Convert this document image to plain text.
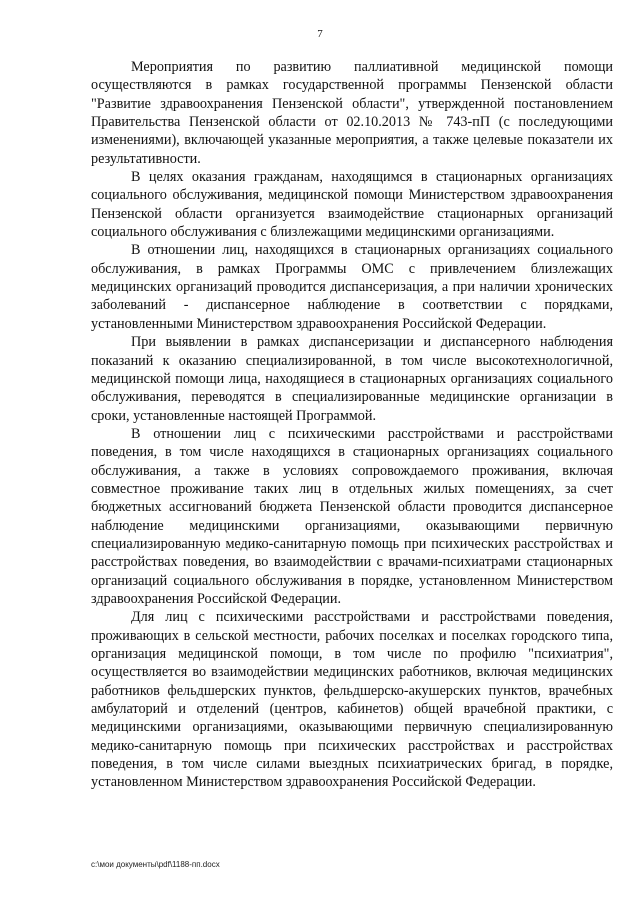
7

Мероприятия по развитию паллиативной медицинской помощи осуществляются в рамках государственной программы Пензенской области "Развитие здравоохранения Пензенской области", утвержденной постановлением Правительства Пензенской области от 02.10.2013 № 743-пП (с последующими изменениями), включающей указанные мероприятия, а также целевые показатели их результативности.

В целях оказания гражданам, находящимся в стационарных организациях социального обслуживания, медицинской помощи Министерством здравоохранения Пензенской области организуется взаимодействие стационарных организаций социального обслуживания с близлежащими медицинскими организациями.

В отношении лиц, находящихся в стационарных организациях социального обслуживания, в рамках Программы ОМС с привлечением близлежащих медицинских организаций проводится диспансеризация, а при наличии хронических заболеваний - диспансерное наблюдение в соответствии с порядками, установленными Министерством здравоохранения Российской Федерации.

При выявлении в рамках диспансеризации и диспансерного наблюдения показаний к оказанию специализированной, в том числе высокотехнологичной, медицинской помощи лица, находящиеся в стационарных организациях социального обслуживания, переводятся в специализированные медицинские организации в сроки, установленные настоящей Программой.

В отношении лиц с психическими расстройствами и расстройствами поведения, в том числе находящихся в стационарных организациях социального обслуживания, а также в условиях сопровождаемого проживания, включая совместное проживание таких лиц в отдельных жилых помещениях, за счет бюджетных ассигнований бюджета Пензенской области проводится диспансерное наблюдение медицинскими организациями, оказывающими первичную специализированную медико-санитарную помощь при психических расстройствах и расстройствах поведения, во взаимодействии с врачами-психиатрами стационарных организаций социального обслуживания в порядке, установленном Министерством здравоохранения Российской Федерации.

Для лиц с психическими расстройствами и расстройствами поведения, проживающих в сельской местности, рабочих поселках и поселках городского типа, организация медицинской помощи, в том числе по профилю "психиатрия", осуществляется во взаимодействии медицинских работников, включая медицинских работников фельдшерских пунктов, фельдшерско-акушерских пунктов, врачебных амбулаторий и отделений (центров, кабинетов) общей врачебной практики, с медицинскими организациями, оказывающими первичную специализированную медико-санитарную помощь при психических расстройствах и расстройствах поведения, в том числе силами выездных психиатрических бригад, в порядке, установленном Министерством здравоохранения Российской Федерации.

c:\мои документы\pdf\1188-пп.docx
